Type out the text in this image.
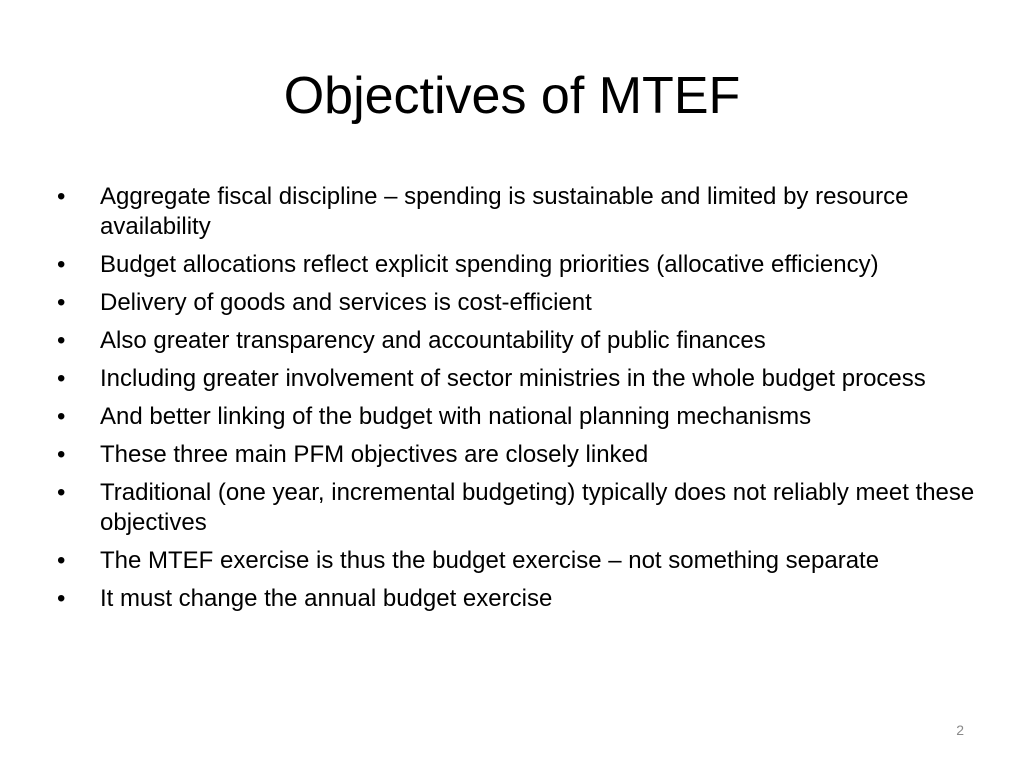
Objectives of MTEF
•	Aggregate fiscal discipline – spending is sustainable and limited by resource availability
•	Budget allocations reflect explicit spending priorities (allocative efficiency)
•	Delivery of goods and services is cost-efficient
•	Also greater transparency and accountability of public finances
•	Including greater involvement of sector ministries in the whole budget process
•	And better linking of the budget with national planning mechanisms
•	These three main PFM objectives are closely linked
•	Traditional (one year, incremental budgeting) typically does not reliably meet these objectives
•	The MTEF exercise is thus the budget exercise – not something separate
•	It must change the annual budget exercise
2
